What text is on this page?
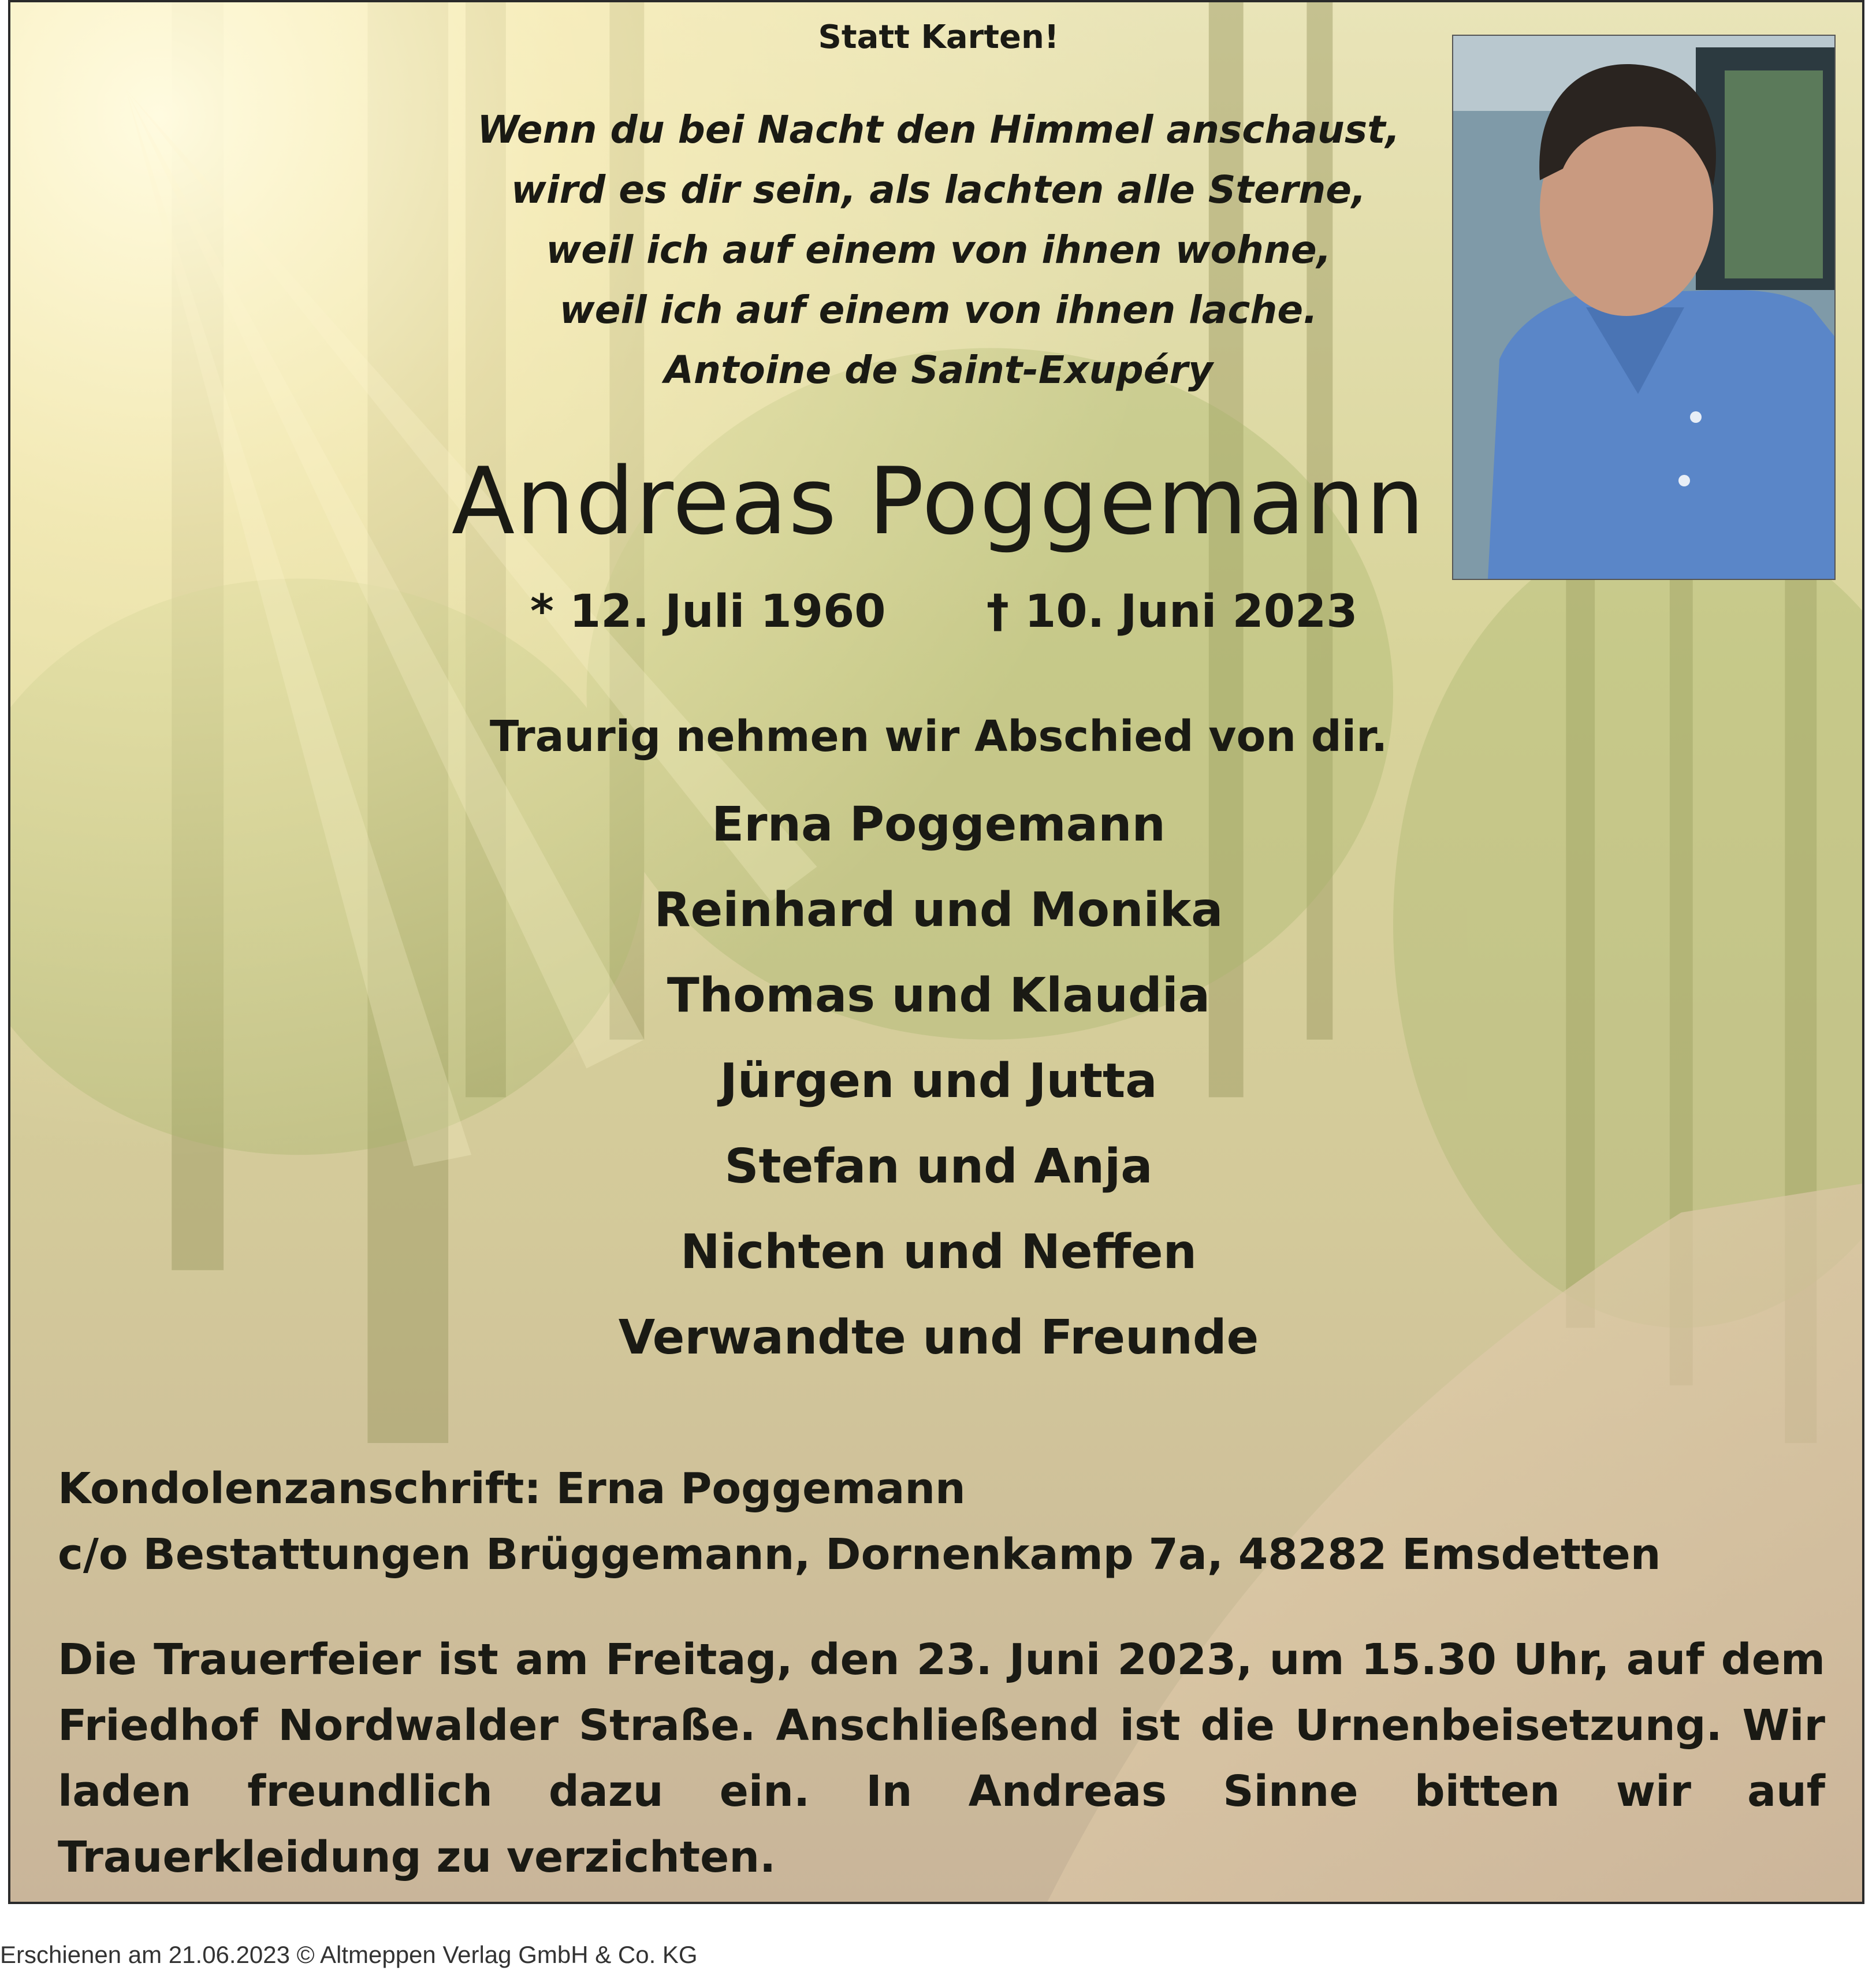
Statt Karten!
Wenn du bei Nacht den Himmel anschaust,
wird es dir sein, als lachten alle Sterne,
weil ich auf einem von ihnen wohne,
weil ich auf einem von ihnen lache.
Antoine de Saint-Exupéry
Andreas Poggemann
* 12. Juli 1960 † 10. Juni 2023
Traurig nehmen wir Abschied von dir.
Erna Poggemann
Reinhard und Monika
Thomas und Klaudia
Jürgen und Jutta
Stefan und Anja
Nichten und Neffen
Verwandte und Freunde
Kondolenzanschrift: Erna Poggemann
c/o Bestattungen Brüggemann, Dornenkamp 7a, 48282 Emsdetten
Die Trauerfeier ist am Freitag, den 23. Juni 2023, um 15.30 Uhr, auf dem Friedhof Nordwalder Straße. Anschließend ist die Urnenbeisetzung. Wir laden freundlich dazu ein. In Andreas Sinne bitten wir auf Trauerkleidung zu verzichten.
Erschienen am 21.06.2023 © Altmeppen Verlag GmbH & Co. KG
